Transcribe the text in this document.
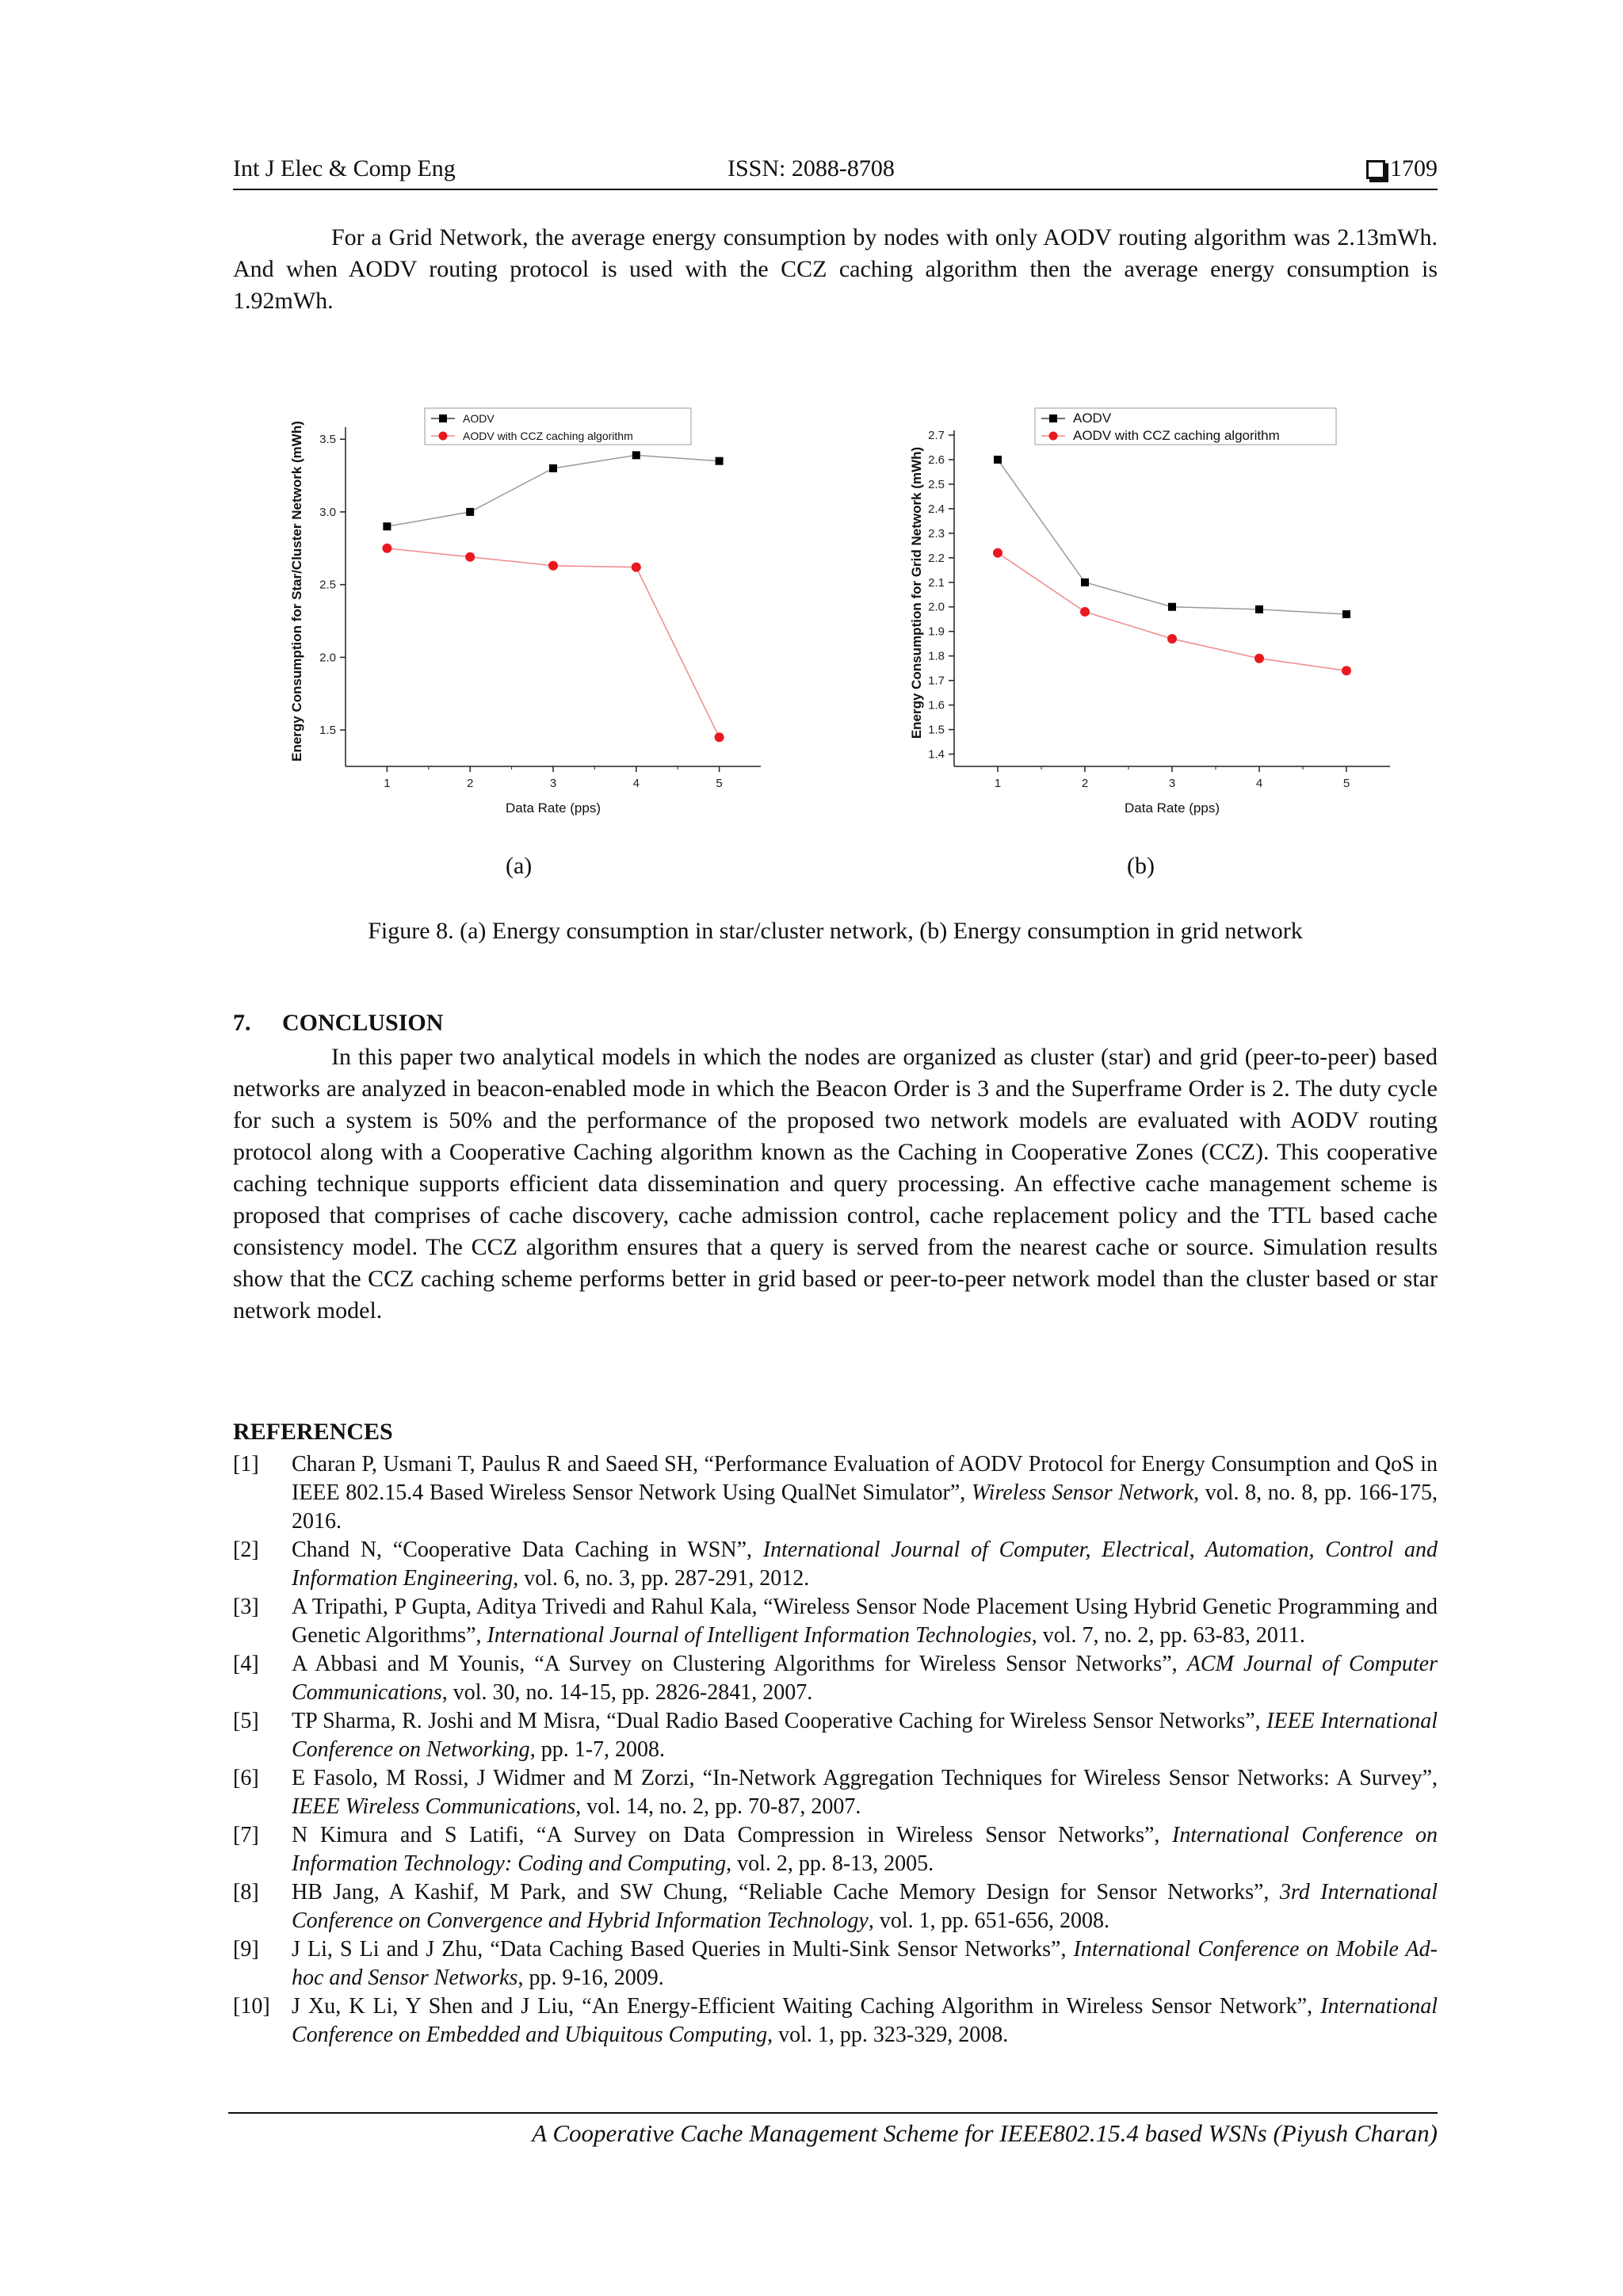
Int J Elec & Comp Eng	ISSN: 2088-8708	1709

For a Grid Network, the average energy consumption by nodes with only AODV routing algorithm was 2.13mWh. And when AODV routing protocol is used with the CCZ caching algorithm then the average energy consumption is 1.92mWh.

1	2	3	4	5
1.5
2.0
2.5
3.0
3.5
Data Rate (pps)
Energy Consumption for Star/Cluster Network (mWh)
AODV
AODV with CCZ caching algorithm
(a)
1	2	3	4	5
1.4
1.5
1.6
1.7
1.8
1.9
2.0
2.1
2.2
2.3
2.4
2.5
2.6
2.7
Data Rate (pps)
Energy Consumption for Grid Network (mWh)
AODV
AODV with CCZ caching algorithm
(b)
Figure 8. (a) Energy consumption in star/cluster network, (b) Energy consumption in grid network
7. CONCLUSION

In this paper two analytical models in which the nodes are organized as cluster (star) and grid (peer-to-peer) based networks are analyzed in beacon-enabled mode in which the Beacon Order is 3 and the Superframe Order is 2. The duty cycle for such a system is 50% and the performance of the proposed two network models are evaluated with AODV routing protocol along with a Cooperative Caching algorithm known as the Caching in Cooperative Zones (CCZ). This cooperative caching technique supports efficient data dissemination and query processing. An effective cache management scheme is proposed that comprises of cache discovery, cache admission control, cache replacement policy and the TTL based cache consistency model. The CCZ algorithm ensures that a query is served from the nearest cache or source. Simulation results show that the CCZ caching scheme performs better in grid based or peer-to-peer network model than the cluster based or star network model.

REFERENCES
[1]	Charan P, Usmani T, Paulus R and Saeed SH, “Performance Evaluation of AODV Protocol for Energy Consumption and QoS in IEEE 802.15.4 Based Wireless Sensor Network Using QualNet Simulator”, Wireless Sensor Network, vol. 8, no. 8, pp. 166-175, 2016.
[2]	Chand N, “Cooperative Data Caching in WSN”, International Journal of Computer, Electrical, Automation, Control and Information Engineering, vol. 6, no. 3, pp. 287-291, 2012.
[3]	A Tripathi, P Gupta, Aditya Trivedi and Rahul Kala, “Wireless Sensor Node Placement Using Hybrid Genetic Programming and Genetic Algorithms”, International Journal of Intelligent Information Technologies, vol. 7, no. 2, pp. 63-83, 2011.
[4]	A Abbasi and M Younis, “A Survey on Clustering Algorithms for Wireless Sensor Networks”, ACM Journal of Computer Communications, vol. 30, no. 14-15, pp. 2826-2841, 2007.
[5]	TP Sharma, R. Joshi and M Misra, “Dual Radio Based Cooperative Caching for Wireless Sensor Networks”, IEEE International Conference on Networking, pp. 1-7, 2008.
[6]	E Fasolo, M Rossi, J Widmer and M Zorzi, “In-Network Aggregation Techniques for Wireless Sensor Networks: A Survey”, IEEE Wireless Communications, vol. 14, no. 2, pp. 70-87, 2007.
[7]	N Kimura and S Latifi, “A Survey on Data Compression in Wireless Sensor Networks”, International Conference on Information Technology: Coding and Computing, vol. 2, pp. 8-13, 2005.
[8]	HB Jang, A Kashif, M Park, and SW Chung, “Reliable Cache Memory Design for Sensor Networks”, 3rd International Conference on Convergence and Hybrid Information Technology, vol. 1, pp. 651-656, 2008.
[9]	J Li, S Li and J Zhu, “Data Caching Based Queries in Multi-Sink Sensor Networks”, International Conference on Mobile Ad-hoc and Sensor Networks, pp. 9-16, 2009.
[10] J Xu, K Li, Y Shen and J Liu, “An Energy-Efficient Waiting Caching Algorithm in Wireless Sensor Network”, International Conference on Embedded and Ubiquitous Computing, vol. 1, pp. 323-329, 2008.
A Cooperative Cache Management Scheme for IEEE802.15.4 based WSNs (Piyush Charan)
